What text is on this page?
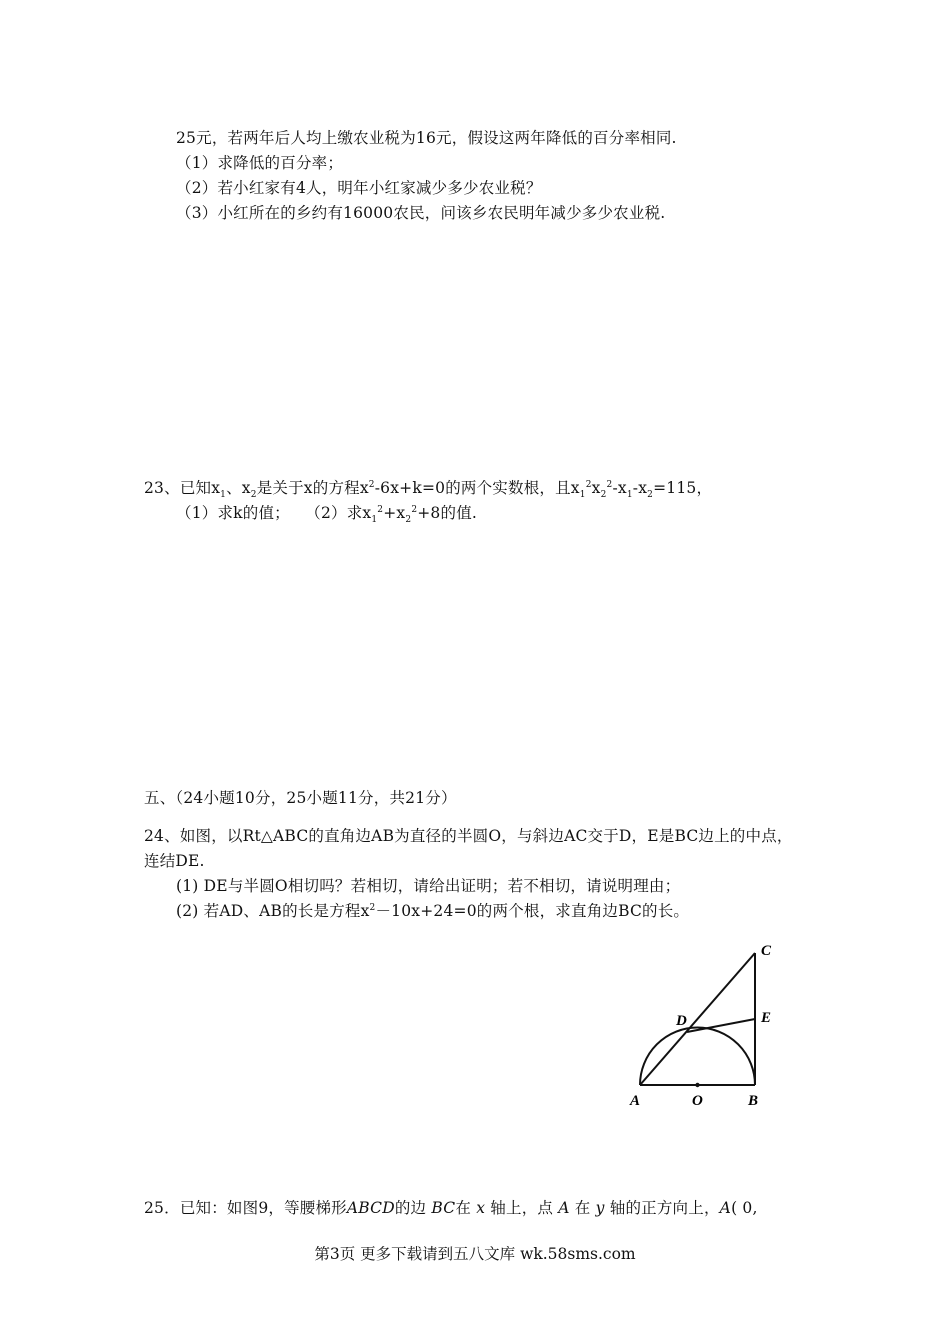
25元，若两年后人均上缴农业税为16元，假设这两年降低的百分率相同.
（1）求降低的百分率；
（2）若小红家有4人，明年小红家减少多少农业税？
（3）小红所在的乡约有16000农民，问该乡农民明年减少多少农业税.
23、已知$x_1$、$x_2$是关于x的方程$x^2-6x+k=0$的两个实数根，且$x_1^2x_2^2-x_1-x_2=115$，
（1）求k的值； （2）求$x_1^2+x_2^2+8$的值.
五、（24小题10分，25小题11分，共21分）
24、如图，以Rt△ABC的直角边AB为直径的半圆O，与斜边AC交于D，E是BC边上的中点，
连结DE.
(1) DE与半圆O相切吗？若相切，请给出证明；若不相切，请说明理由；
(2) 若AD、AB的长是方程$x^2-10x+24=0$的两个根，求直角边BC的长。
A	O	B
C
D	E
25．已知：如图9，等腰梯形ABCD的边 BC在 x 轴上，点 A 在 y 轴的正方向上，A( 0,
第3页 更多下载请到五八文库 wk.58sms.com
